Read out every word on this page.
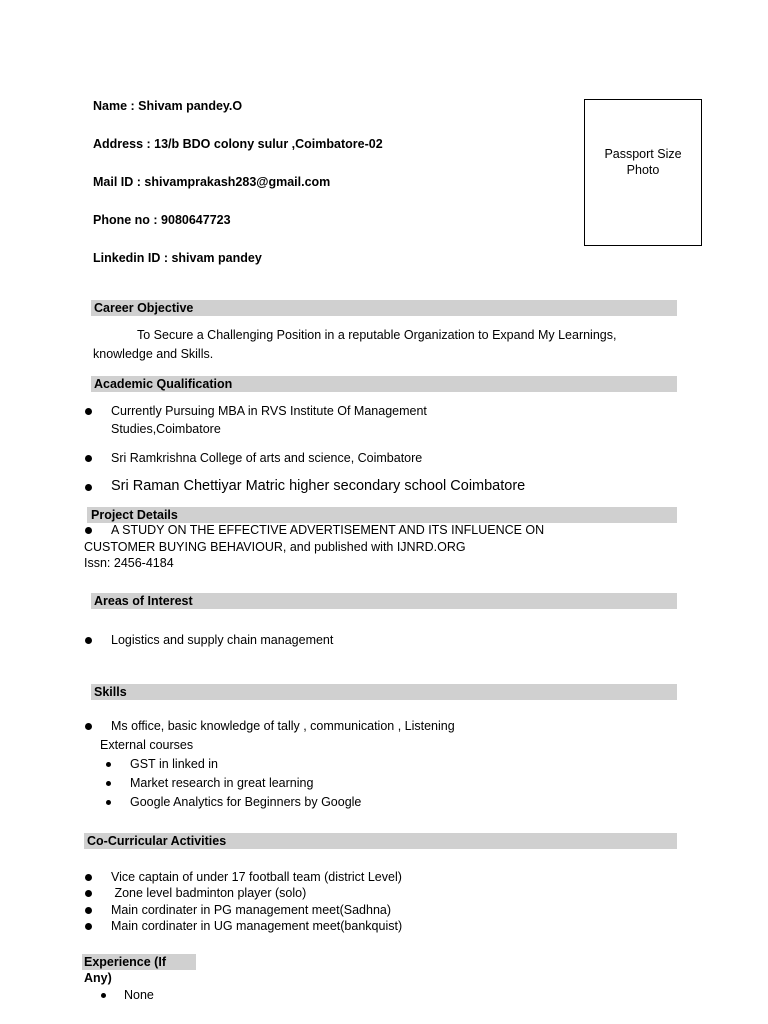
Name : Shivam pandey.O
Address : 13/b BDO colony sulur ,Coimbatore-02
Mail ID : shivamprakash283@gmail.com
Phone no : 9080647723
Linkedin ID : shivam pandey
Passport Size
Photo
Career Objective
To Secure a Challenging Position in a reputable Organization to Expand My Learnings,
knowledge and Skills.
Academic Qualification
Currently Pursuing MBA in RVS Institute Of Management
Studies,Coimbatore
Sri Ramkrishna College of arts and science, Coimbatore
Sri Raman Chettiyar Matric higher secondary school Coimbatore
Project Details
A STUDY ON THE EFFECTIVE ADVERTISEMENT AND ITS INFLUENCE ON
CUSTOMER BUYING BEHAVIOUR, and published with IJNRD.ORG
Issn: 2456-4184
Areas of Interest
Logistics and supply chain management
Skills
Ms office, basic knowledge of tally , communication , Listening
External courses
GST in linked in
Market research in great learning
Google Analytics for Beginners by Google
Co-Curricular Activities
Vice captain of under 17 football team (district Level)
Zone level badminton player (solo)
Main cordinater in PG management meet(Sadhna)
Main cordinater in UG management meet(bankquist)
Experience (If Any)
None
